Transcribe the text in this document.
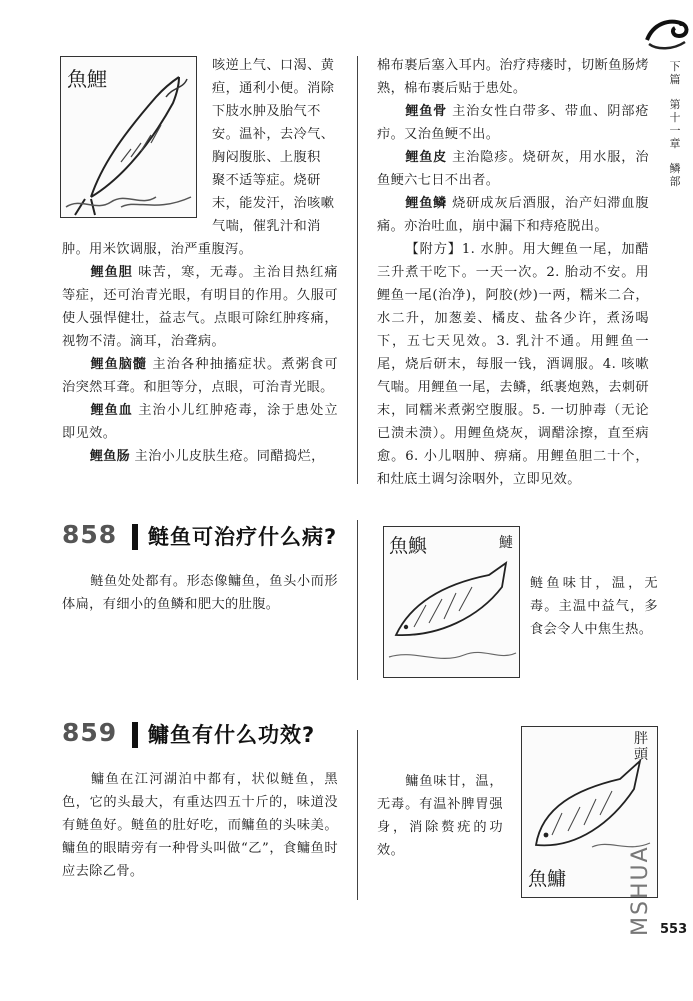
下篇
第十一章
鳞部
魚鯉
咳逆上气、口渴、黄
疸，通利小便。消除
下肢水肿及胎气不
安。温补，去冷气、
胸闷腹胀、上腹积
聚不适等症。烧研
末，能发汗，治咳嗽
气喘，催乳汁和消
肿。用米饮调服，治严重腹泻。
鲤鱼胆 味苦，寒，无毒。主治目热红痛等症，还可治青光眼，有明目的作用。久服可使人强悍健壮，益志气。点眼可除红肿疼痛，视物不清。滴耳，治聋病。
鲤鱼脑髓 主治各种抽搐症状。煮粥食可治突然耳聋。和胆等分，点眼，可治青光眼。
鲤鱼血 主治小儿红肿疮毒，涂于患处立即见效。
鲤鱼肠 主治小儿皮肤生疮。同醋捣烂，
棉布裹后塞入耳内。治疗痔瘘时，切断鱼肠烤熟，棉布裹后贴于患处。
鲤鱼骨 主治女性白带多、带血、阴部疮疖。又治鱼鲠不出。
鲤鱼皮 主治隐疹。烧研灰，用水服，治鱼鲠六七日不出者。
鲤鱼鳞 烧研成灰后酒服，治产妇滞血腹痛。亦治吐血，崩中漏下和痔疮脱出。
【附方】1. 水肿。用大鲤鱼一尾，加醋三升煮干吃下。一天一次。2. 胎动不安。用鲤鱼一尾(治净)，阿胶(炒)一两，糯米二合，水二升，加葱姜、橘皮、盐各少许，煮汤喝下，五七天见效。3. 乳汁不通。用鲤鱼一尾，烧后研末，每服一钱，酒调服。4. 咳嗽气喘。用鲤鱼一尾，去鳞，纸裹炮熟，去刺研末，同糯米煮粥空腹服。5. 一切肿毒（无论已溃未溃）。用鲤鱼烧灰，调醋涂擦，直至病愈。6. 小儿咽肿、痹痛。用鲤鱼胆二十个，和灶底土调匀涂咽外，立即见效。
858 鲢鱼可治疗什么病?
鲢鱼处处都有。形态像鳙鱼，鱼头小而形体扁，有细小的鱼鳞和肥大的肚腹。
魚鱮	鰱
鲢鱼味甘，温，无毒。主温中益气，多食会令人中焦生热。
859 鳙鱼有什么功效?
鳙鱼在江河湖泊中都有，状似鲢鱼，黑色，它的头最大，有重达四五十斤的，味道没有鲢鱼好。鲢鱼的肚好吃，而鳙鱼的头味美。鳙鱼的眼睛旁有一种骨头叫做“乙”，食鳙鱼时应去除乙骨。
鳙鱼味甘，温，无毒。有温补脾胃强身，消除赘疣的功效。
胖頭
魚鱅
553
MSHUA
